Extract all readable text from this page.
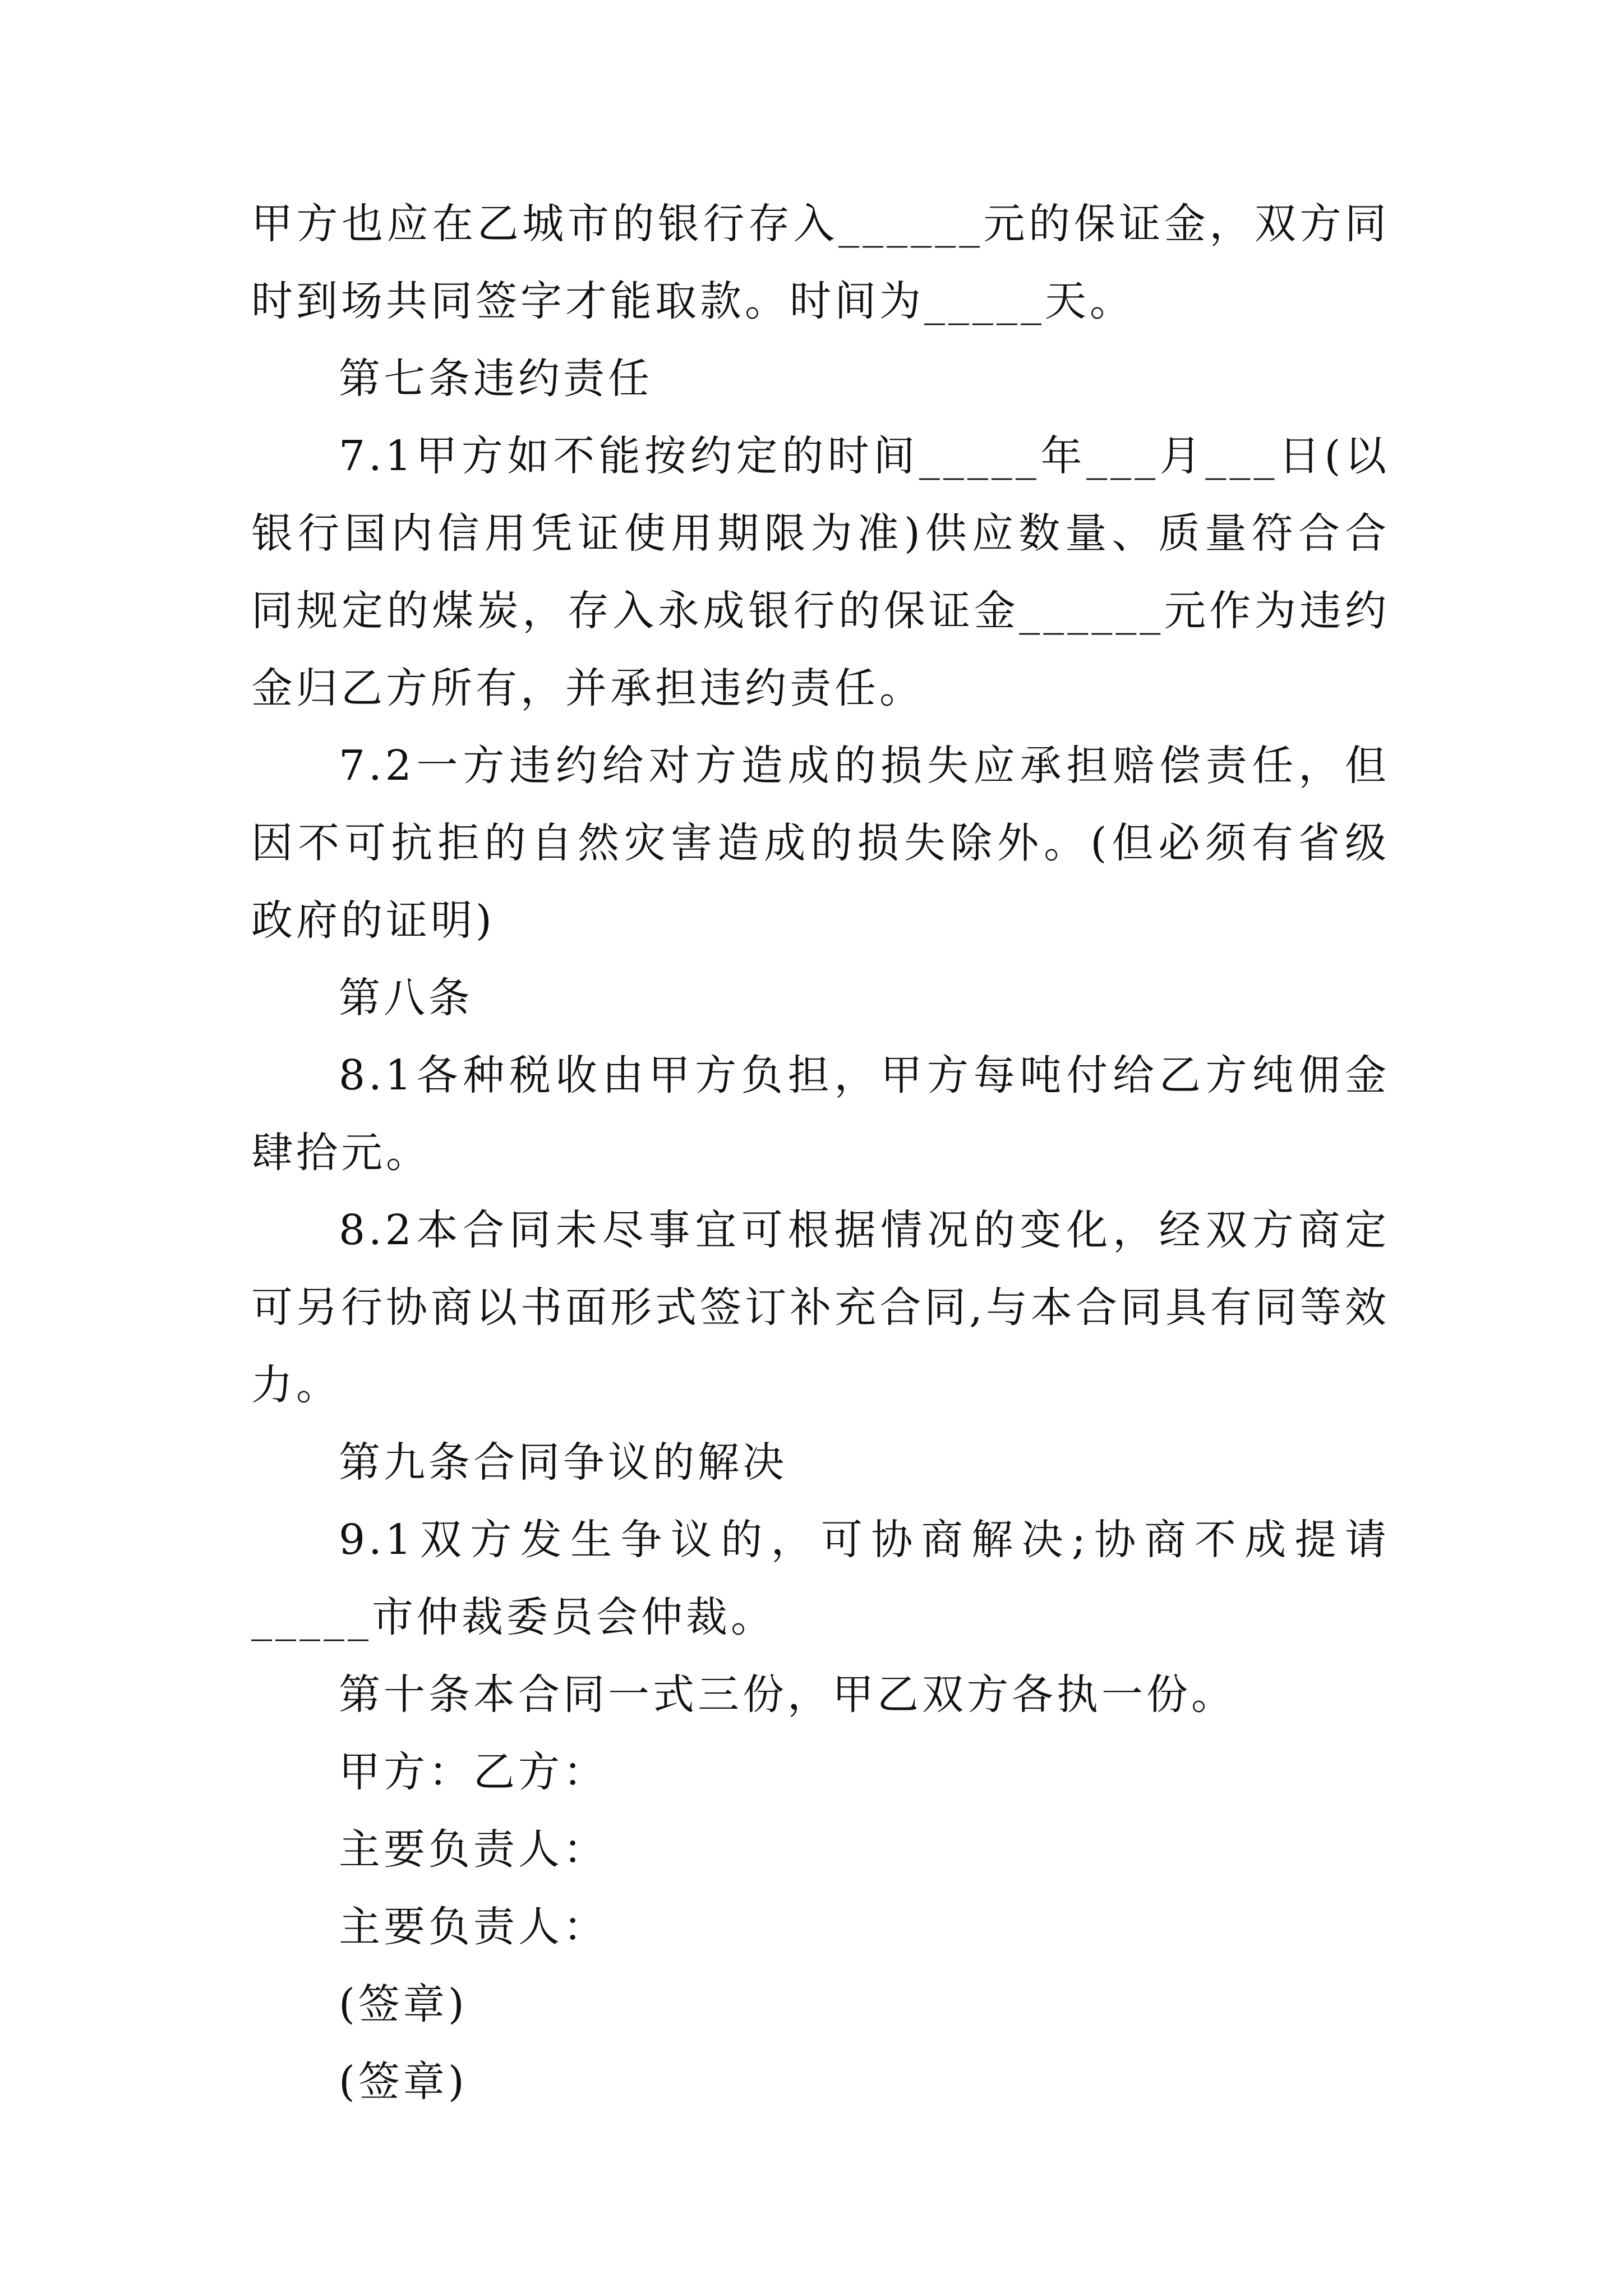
甲方也应在乙城市的银行存入______元的保证金，双方同时到场共同签字才能取款。时间为_____天。

第七条违约责任

7.1甲方如不能按约定的时间_____年___月___日(以银行国内信用凭证使用期限为准)供应数量、质量符合合同规定的煤炭，存入永成银行的保证金______元作为违约金归乙方所有，并承担违约责任。

7.2一方违约给对方造成的损失应承担赔偿责任，但因不可抗拒的自然灾害造成的损失除外。(但必须有省级政府的证明)

第八条

8.1各种税收由甲方负担，甲方每吨付给乙方纯佣金肆拾元。

8.2本合同未尽事宜可根据情况的变化，经双方商定可另行协商以书面形式签订补充合同,与本合同具有同等效力。

第九条合同争议的解决

9.1双方发生争议的，可协商解决;协商不成提请_____市仲裁委员会仲裁。

第十条本合同一式三份，甲乙双方各执一份。

甲方：乙方：

主要负责人：

主要负责人：

(签章)

(签章)
